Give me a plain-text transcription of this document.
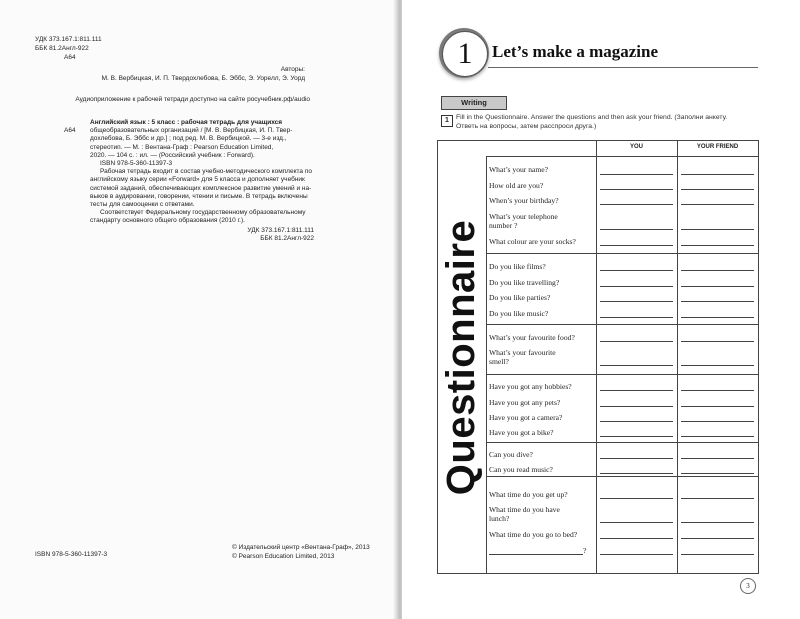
УДК 373.167.1:811.111
ББК 81.2Англ-922
А64
Авторы:
М. В. Вербицкая, И. П. Твердохлебова, Б. Эббс, Э. Уорелл, Э. Уорд
Аудиоприложение к рабочей тетради доступно на сайте росучебник.рф/audio
А64
Английский язык : 5 класс : рабочая тетрадь для учащихся
общеобразовательных организаций / [М. В. Вербицкая, И. П. Твер-
дохлебова, Б. Эббс и др.] ; под ред. М. В. Вербицкой. — 3-е изд.,
стереотип. — М. : Вентана-Граф : Pearson Education Limited,
2020. — 104 с. : ил. — (Российский учебник : Forward).
ISBN 978-5-360-11397-3
Рабочая тетрадь входит в состав учебно-методического комплекта по
английскому языку серии «Forward» для 5 класса и дополняет учебник
системой заданий, обеспечивающих комплексное развитие умений и на-
выков в аудировании, говорении, чтении и письме. В тетрадь включены
тесты для самооценки с ответами.
Соответствует Федеральному государственному образовательному
стандарту основного общего образования (2010 г.).
УДК 373.167.1:811.111
ББК 81.2Англ-922
ISBN 978-5-360-11397-3
© Издательский центр «Вентана-Граф», 2013
© Pearson Education Limited, 2013
1	Let’s make a magazine
Writing
1	Fill in the Questionnaire. Answer the questions and then ask your friend. (Заполни анкету.
Ответь на вопросы, затем расспроси друга.)
Questionnaire
YOU	YOUR FRIEND
What’s your name?
How old are you?
When’s your birthday?
What’s your telephone
number ?
What colour are your socks?
Do you like films?
Do you like travelling?
Do you like parties?
Do you like music?
What’s your favourite food?
What’s your favourite
smell?
Have you got any hobbies?
Have you got any pets?
Have you got a camera?
Have you got a bike?
Can you dive?
Can you read music?
What time do you get up?
What time do you have
lunch?
What time do you go to bed?
?
3
